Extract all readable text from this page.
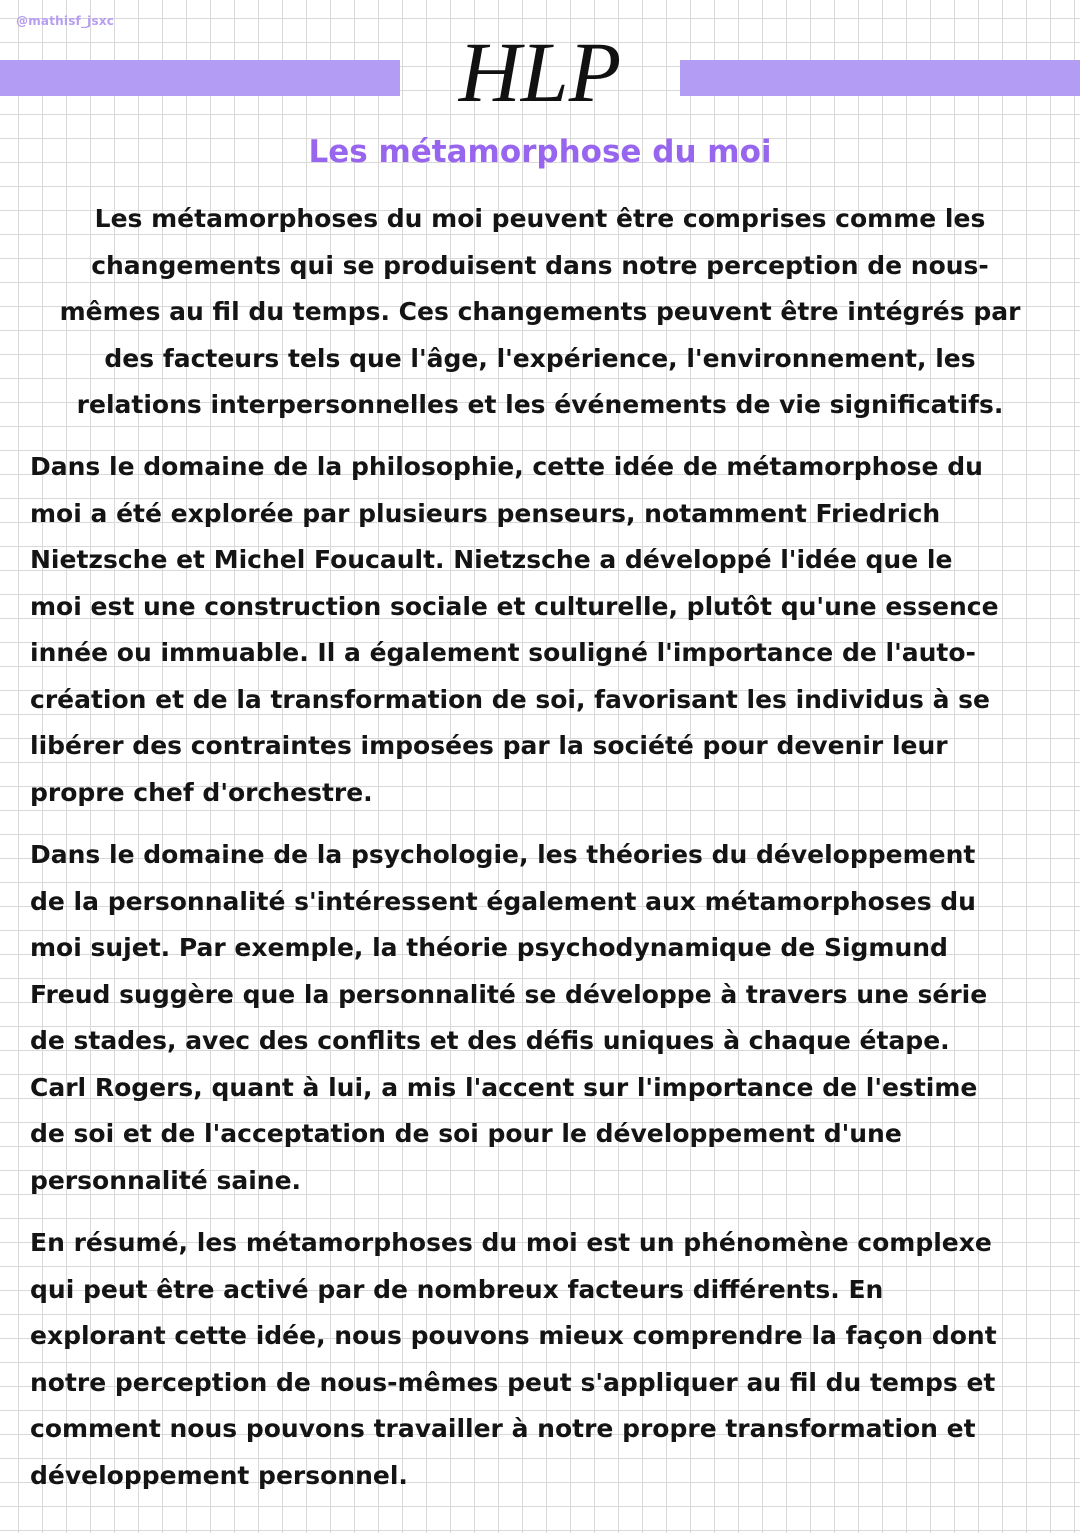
@mathisf_jsxc
HLP
Les métamorphose du moi
Les métamorphoses du moi peuvent être comprises comme les
changements qui se produisent dans notre perception de nous-
mêmes au fil du temps. Ces changements peuvent être intégrés par
des facteurs tels que l'âge, l'expérience, l'environnement, les
relations interpersonnelles et les événements de vie significatifs.
Dans le domaine de la philosophie, cette idée de métamorphose du
moi a été explorée par plusieurs penseurs, notamment Friedrich
Nietzsche et Michel Foucault. Nietzsche a développé l'idée que le
moi est une construction sociale et culturelle, plutôt qu'une essence
innée ou immuable. Il a également souligné l'importance de l'auto-
création et de la transformation de soi, favorisant les individus à se
libérer des contraintes imposées par la société pour devenir leur
propre chef d'orchestre.
Dans le domaine de la psychologie, les théories du développement
de la personnalité s'intéressent également aux métamorphoses du
moi sujet. Par exemple, la théorie psychodynamique de Sigmund
Freud suggère que la personnalité se développe à travers une série
de stades, avec des conflits et des défis uniques à chaque étape.
Carl Rogers, quant à lui, a mis l'accent sur l'importance de l'estime
de soi et de l'acceptation de soi pour le développement d'une
personnalité saine.
En résumé, les métamorphoses du moi est un phénomène complexe
qui peut être activé par de nombreux facteurs différents. En
explorant cette idée, nous pouvons mieux comprendre la façon dont
notre perception de nous-mêmes peut s'appliquer au fil du temps et
comment nous pouvons travailler à notre propre transformation et
développement personnel.
